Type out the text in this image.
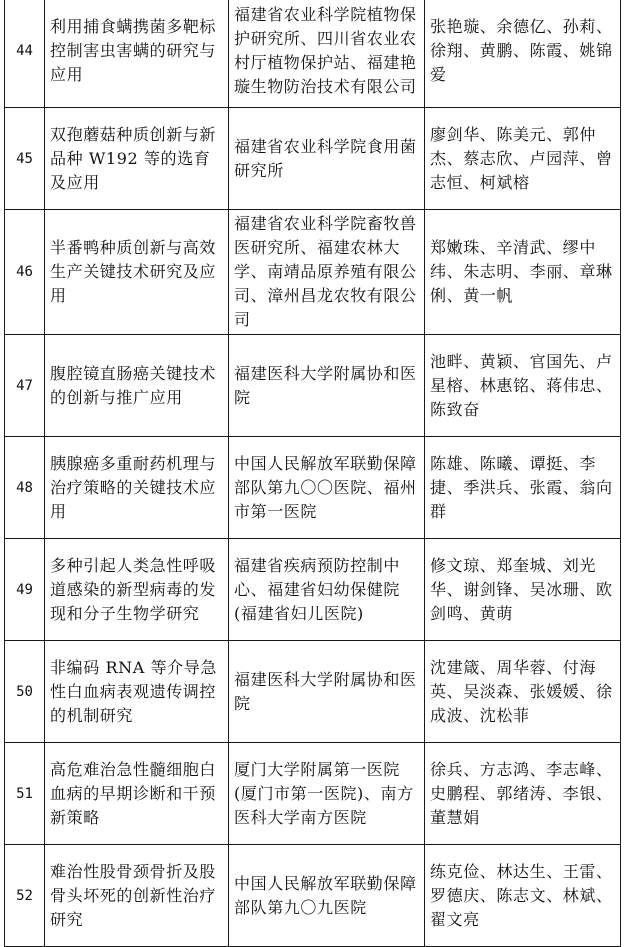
44	利用捕食螨携菌多靶标控制害虫害螨的研究与应用	福建省农业科学院植物保护研究所、四川省农业农村厅植物保护站、福建艳璇生物防治技术有限公司	张艳璇、余德亿、孙莉、徐翔、黄鹏、陈霞、姚锦爱
45	双孢蘑菇种质创新与新品种 W192 等的选育及应用	福建省农业科学院食用菌研究所	廖剑华、陈美元、郭仲杰、蔡志欣、卢园萍、曾志恒、柯斌榕
46	半番鸭种质创新与高效生产关键技术研究及应用	福建省农业科学院畜牧兽医研究所、福建农林大学、南靖品原养殖有限公司、漳州昌龙农牧有限公司	郑嫩珠、辛清武、缪中纬、朱志明、李丽、章琳俐、黄一帆
47	腹腔镜直肠癌关键技术的创新与推广应用	福建医科大学附属协和医院	池畔、黄颖、官国先、卢星榕、林惠铭、蒋伟忠、陈致奋
48	胰腺癌多重耐药机理与治疗策略的关键技术应用	中国人民解放军联勤保障部队第九〇〇医院、福州市第一医院	陈雄、陈曦、谭挺、李捷、季洪兵、张霞、翁向群
49	多种引起人类急性呼吸道感染的新型病毒的发现和分子生物学研究	福建省疾病预防控制中心、福建省妇幼保健院(福建省妇儿医院)	修文琼、郑奎城、刘光华、谢剑锋、吴冰珊、欧剑鸣、黄萌
50	非编码 RNA 等介导急性白血病表观遗传调控的机制研究	福建医科大学附属协和医院	沈建箴、周华蓉、付海英、吴淡森、张媛媛、徐成波、沈松菲
51	高危难治急性髓细胞白血病的早期诊断和干预新策略	厦门大学附属第一医院(厦门市第一医院)、南方医科大学南方医院	徐兵、方志鸿、李志峰、史鹏程、郭绪涛、李银、董慧娟
52	难治性股骨颈骨折及股骨头坏死的创新性治疗研究	中国人民解放军联勤保障部队第九〇九医院	练克俭、林达生、王雷、罗德庆、陈志文、林斌、翟文亮
